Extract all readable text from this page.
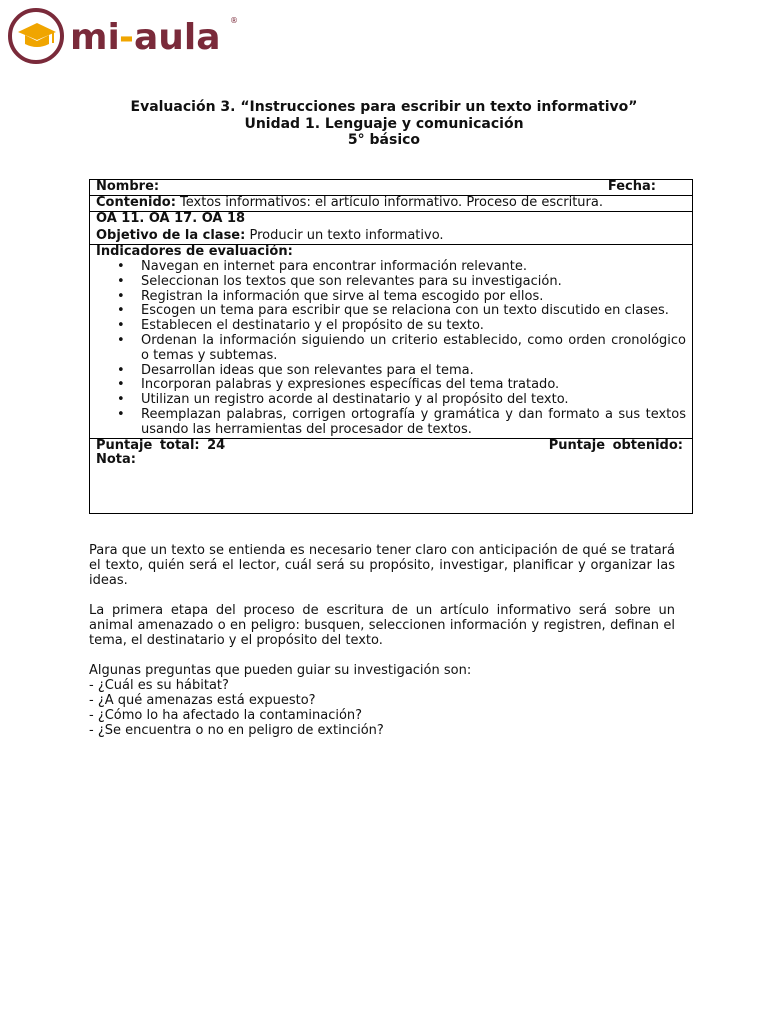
mi - aula ®
Evaluación 3. “Instrucciones para escribir un texto informativo”
Unidad 1. Lenguaje y comunicación
5° básico
Nombre:	Fecha:

Contenido: Textos informativos: el artículo informativo. Proceso de escritura.

OA 11. OA 17. OA 18
Objetivo de la clase: Producir un texto informativo.

Indicadores de evaluación:
• Navegan en internet para encontrar información relevante.
• Seleccionan los textos que son relevantes para su investigación.
• Registran la información que sirve al tema escogido por ellos.
• Escogen un tema para escribir que se relaciona con un texto discutido en clases.
• Establecen el destinatario y el propósito de su texto.
• Ordenan la información siguiendo un criterio establecido, como orden cronológico o temas y subtemas.
• Desarrollan ideas que son relevantes para el tema.
• Incorporan palabras y expresiones específicas del tema tratado.
• Utilizan un registro acorde al destinatario y al propósito del texto.
• Reemplazan palabras, corrigen ortografía y gramática y dan formato a sus textos usando las herramientas del procesador de textos.

Puntaje total: 24	Puntaje obtenido:
Nota:

Para que un texto se entienda es necesario tener claro con anticipación de qué se tratará el texto, quién será el lector, cuál será su propósito, investigar, planificar y organizar las ideas.

La primera etapa del proceso de escritura de un artículo informativo será sobre un animal amenazado o en peligro: busquen, seleccionen información y registren, definan el tema, el destinatario y el propósito del texto.

Algunas preguntas que pueden guiar su investigación son:
- ¿Cuál es su hábitat?
- ¿A qué amenazas está expuesto?
- ¿Cómo lo ha afectado la contaminación?
- ¿Se encuentra o no en peligro de extinción?
